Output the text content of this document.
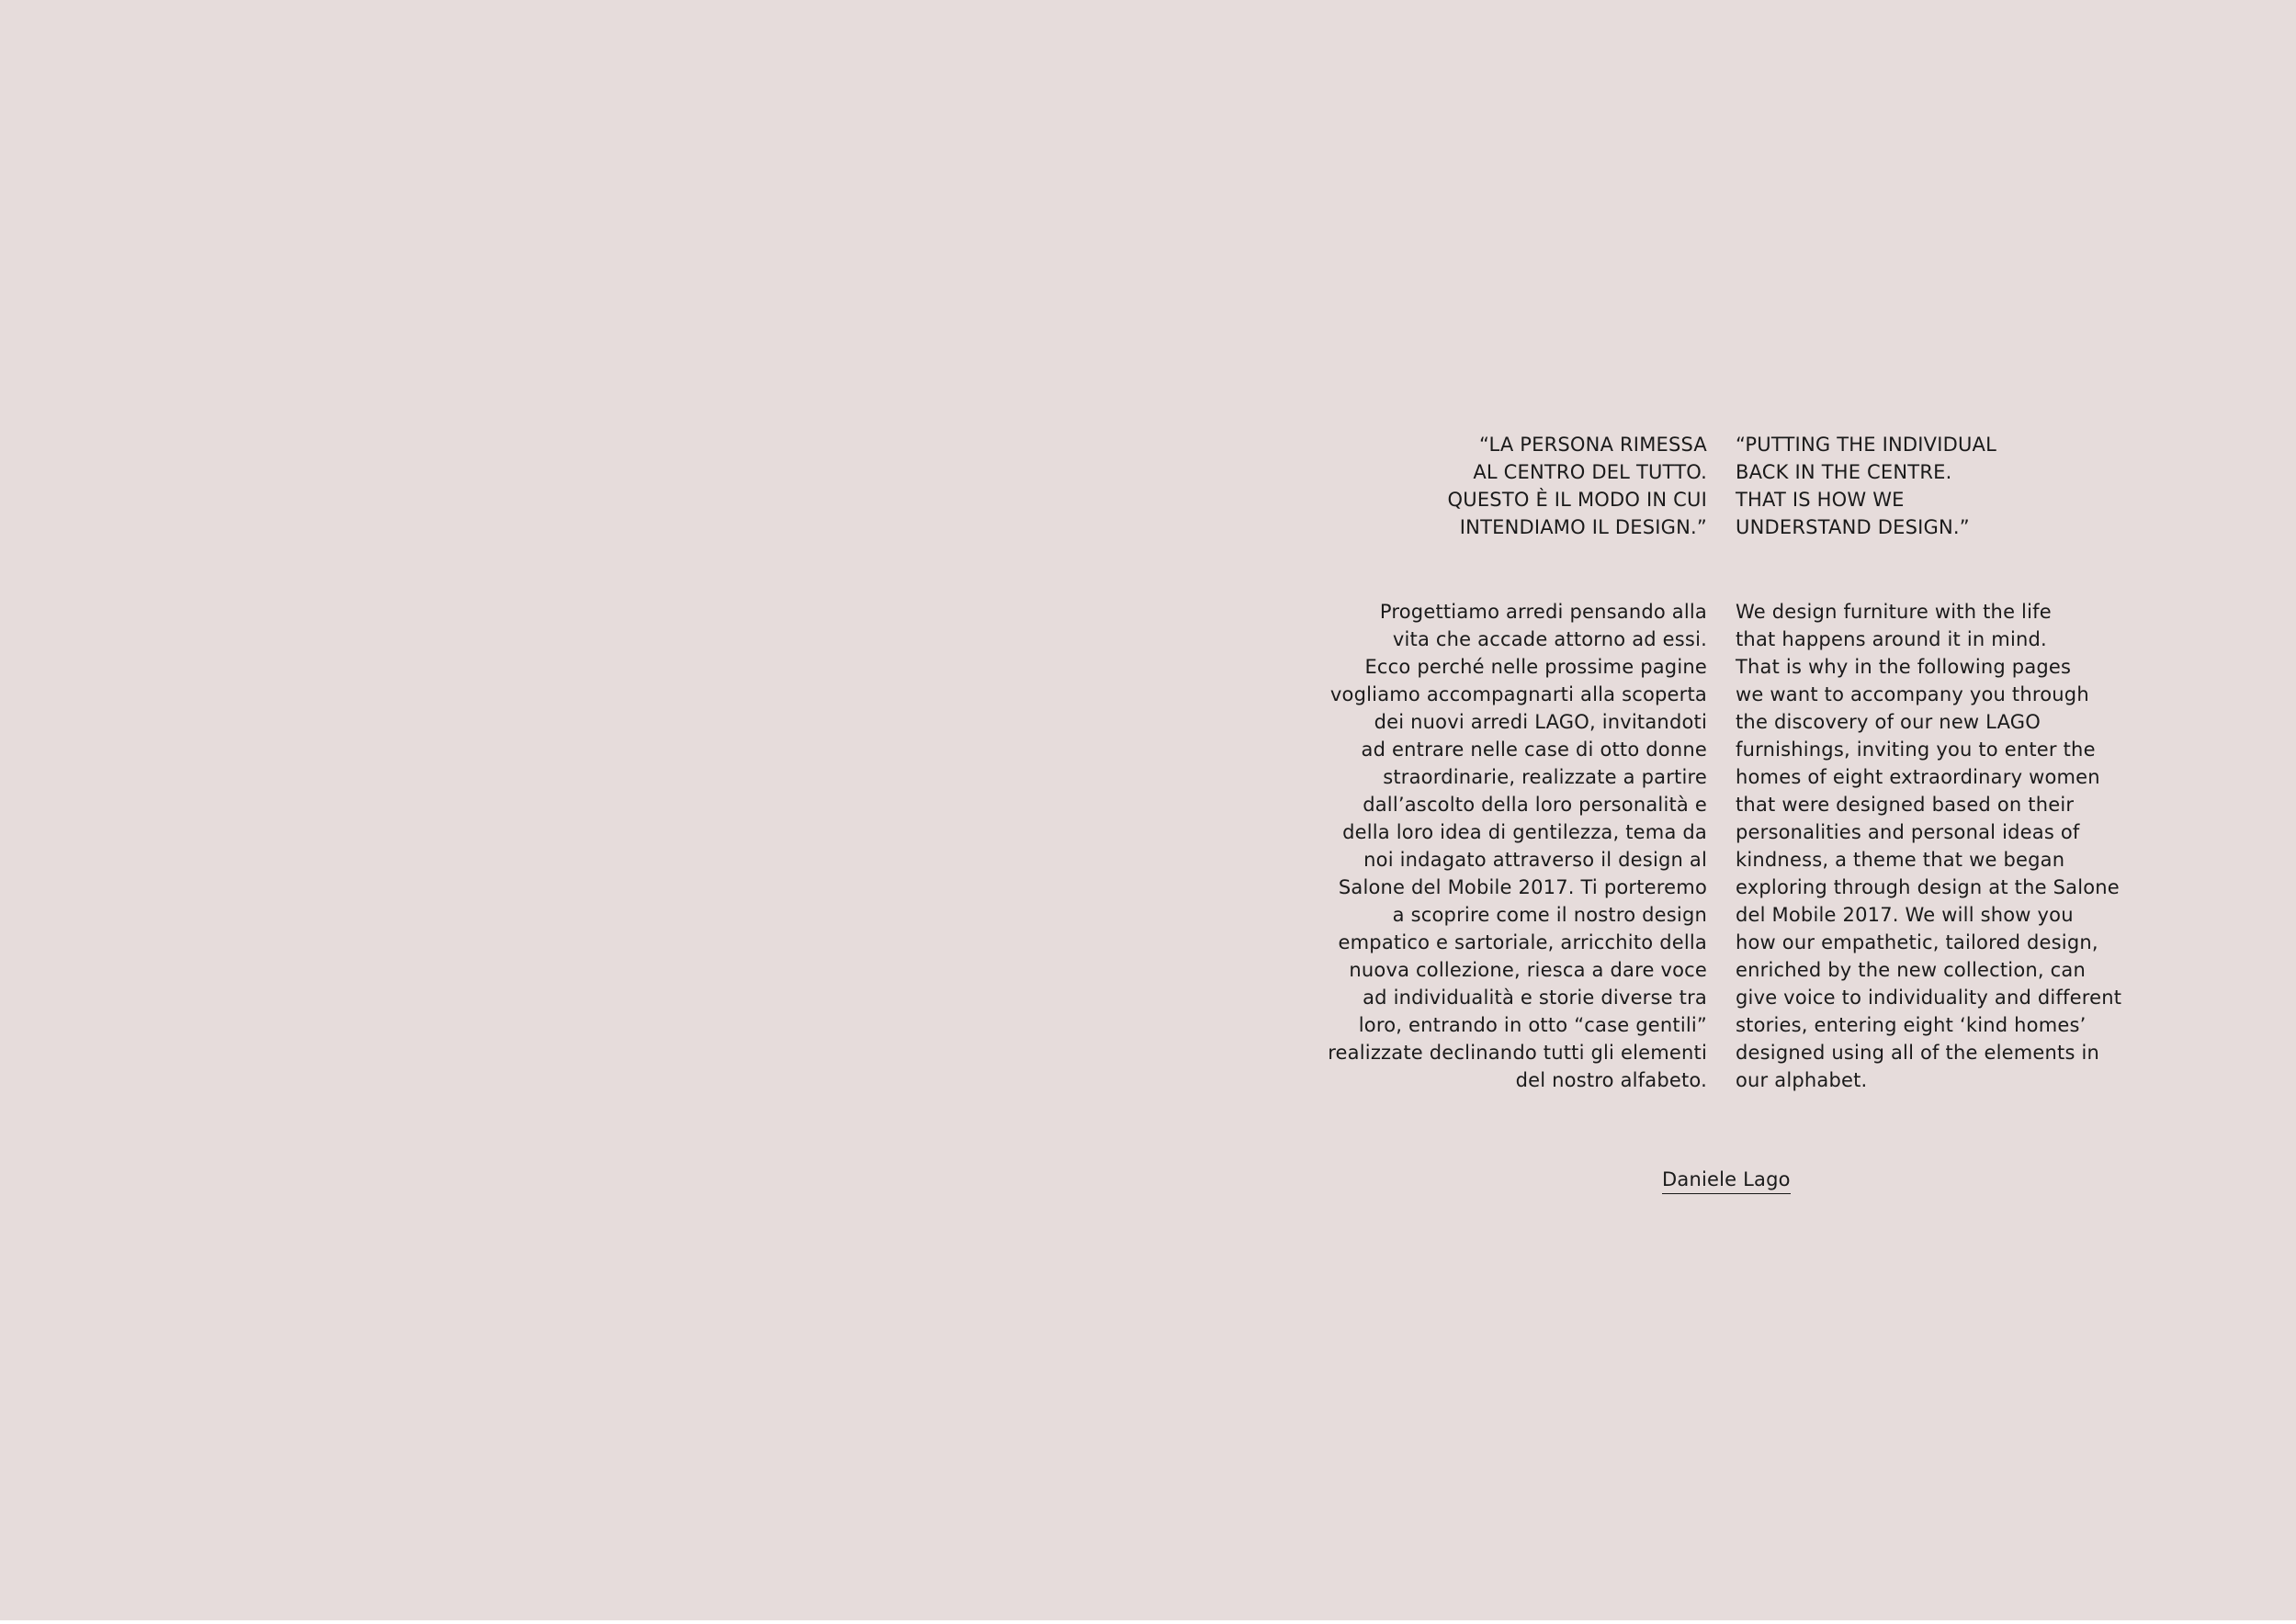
“LA PERSONA RIMESSA
AL CENTRO DEL TUTTO.
QUESTO È IL MODO IN CUI
INTENDIAMO IL DESIGN.”
“PUTTING THE INDIVIDUAL
BACK IN THE CENTRE.
THAT IS HOW WE
UNDERSTAND DESIGN.”
Progettiamo arredi pensando alla
vita che accade attorno ad essi.
Ecco perché nelle prossime pagine
vogliamo accompagnarti alla scoperta
dei nuovi arredi LAGO, invitandoti
ad entrare nelle case di otto donne
straordinarie, realizzate a partire
dall’ascolto della loro personalità e
della loro idea di gentilezza, tema da
noi indagato attraverso il design al
Salone del Mobile 2017. Ti porteremo
a scoprire come il nostro design
empatico e sartoriale, arricchito della
nuova collezione, riesca a dare voce
ad individualità e storie diverse tra
loro, entrando in otto “case gentili”
realizzate declinando tutti gli elementi
del nostro alfabeto.
We design furniture with the life
that happens around it in mind.
That is why in the following pages
we want to accompany you through
the discovery of our new LAGO
furnishings, inviting you to enter the
homes of eight extraordinary women
that were designed based on their
personalities and personal ideas of
kindness, a theme that we began
exploring through design at the Salone
del Mobile 2017. We will show you
how our empathetic, tailored design,
enriched by the new collection, can
give voice to individuality and different
stories, entering eight ‘kind homes’
designed using all of the elements in
our alphabet.
Daniele Lago
